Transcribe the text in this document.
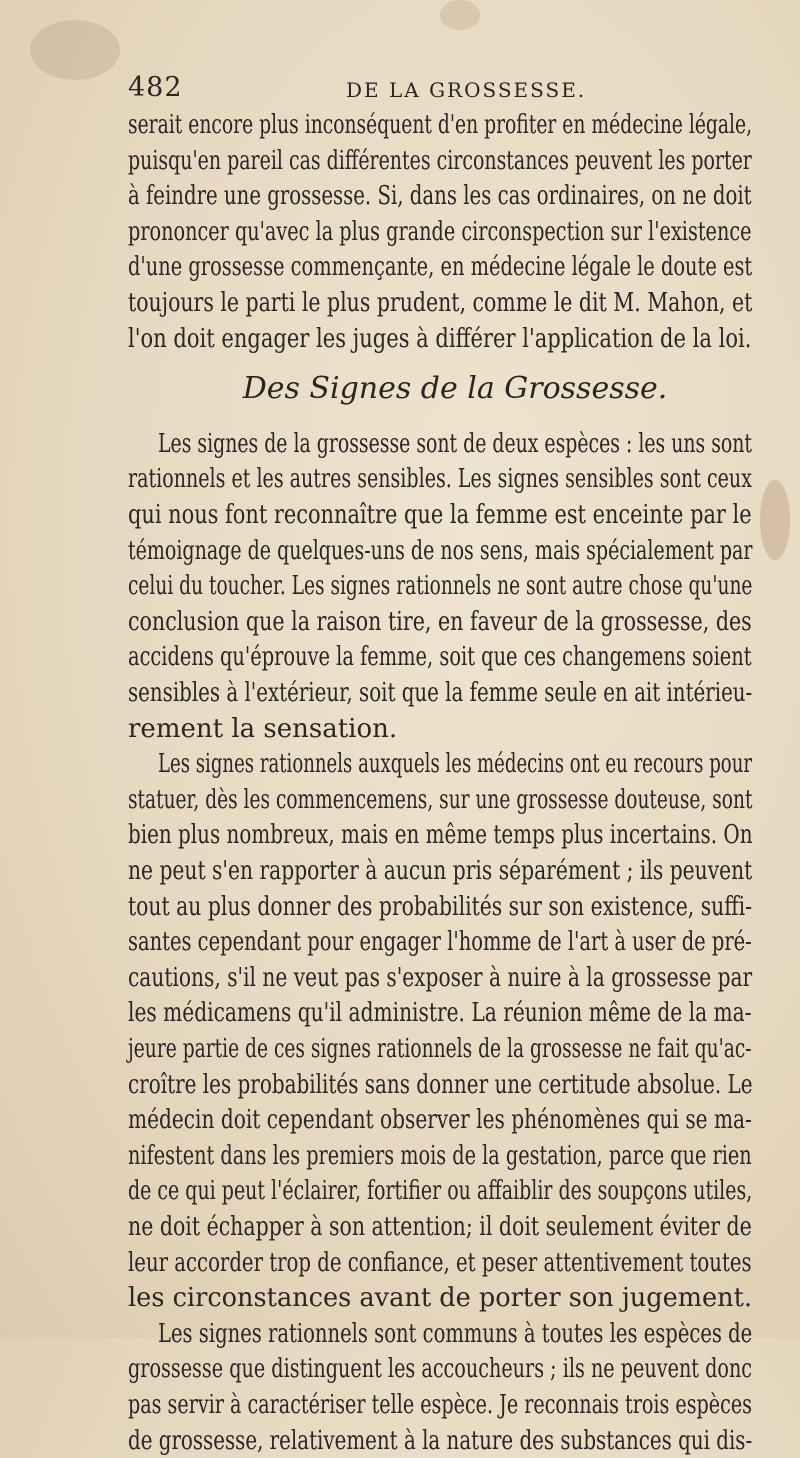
482	DE LA GROSSESSE.
Des Signes de la Grossesse.
serait encore plus inconséquent d'en profiter en médecine légale,
puisqu'en pareil cas différentes circonstances peuvent les porter
à feindre une grossesse. Si, dans les cas ordinaires, on ne doit
prononcer qu'avec la plus grande circonspection sur l'existence
d'une grossesse commençante, en médecine légale le doute est
toujours le parti le plus prudent, comme le dit M. Mahon, et
l'on doit engager les juges à différer l'application de la loi.
Les signes de la grossesse sont de deux espèces : les uns sont
rationnels et les autres sensibles. Les signes sensibles sont ceux
qui nous font reconnaître que la femme est enceinte par le
témoignage de quelques-uns de nos sens, mais spécialement par
celui du toucher. Les signes rationnels ne sont autre chose qu'une
conclusion que la raison tire, en faveur de la grossesse, des
accidens qu'éprouve la femme, soit que ces changemens soient
sensibles à l'extérieur, soit que la femme seule en ait intérieu-
rement la sensation.
Les signes rationnels auxquels les médecins ont eu recours pour
statuer, dès les commencemens, sur une grossesse douteuse, sont
bien plus nombreux, mais en même temps plus incertains. On
ne peut s'en rapporter à aucun pris séparément ; ils peuvent
tout au plus donner des probabilités sur son existence, suffi-
santes cependant pour engager l'homme de l'art à user de pré-
cautions, s'il ne veut pas s'exposer à nuire à la grossesse par
les médicamens qu'il administre. La réunion même de la ma-
jeure partie de ces signes rationnels de la grossesse ne fait qu'ac-
croître les probabilités sans donner une certitude absolue. Le
médecin doit cependant observer les phénomènes qui se ma-
nifestent dans les premiers mois de la gestation, parce que rien
de ce qui peut l'éclairer, fortifier ou affaiblir des soupçons utiles,
ne doit échapper à son attention; il doit seulement éviter de
leur accorder trop de confiance, et peser attentivement toutes
les circonstances avant de porter son jugement.
Les signes rationnels sont communs à toutes les espèces de
grossesse que distinguent les accoucheurs ; ils ne peuvent donc
pas servir à caractériser telle espèce. Je reconnais trois espèces
de grossesse, relativement à la nature des substances qui dis-
